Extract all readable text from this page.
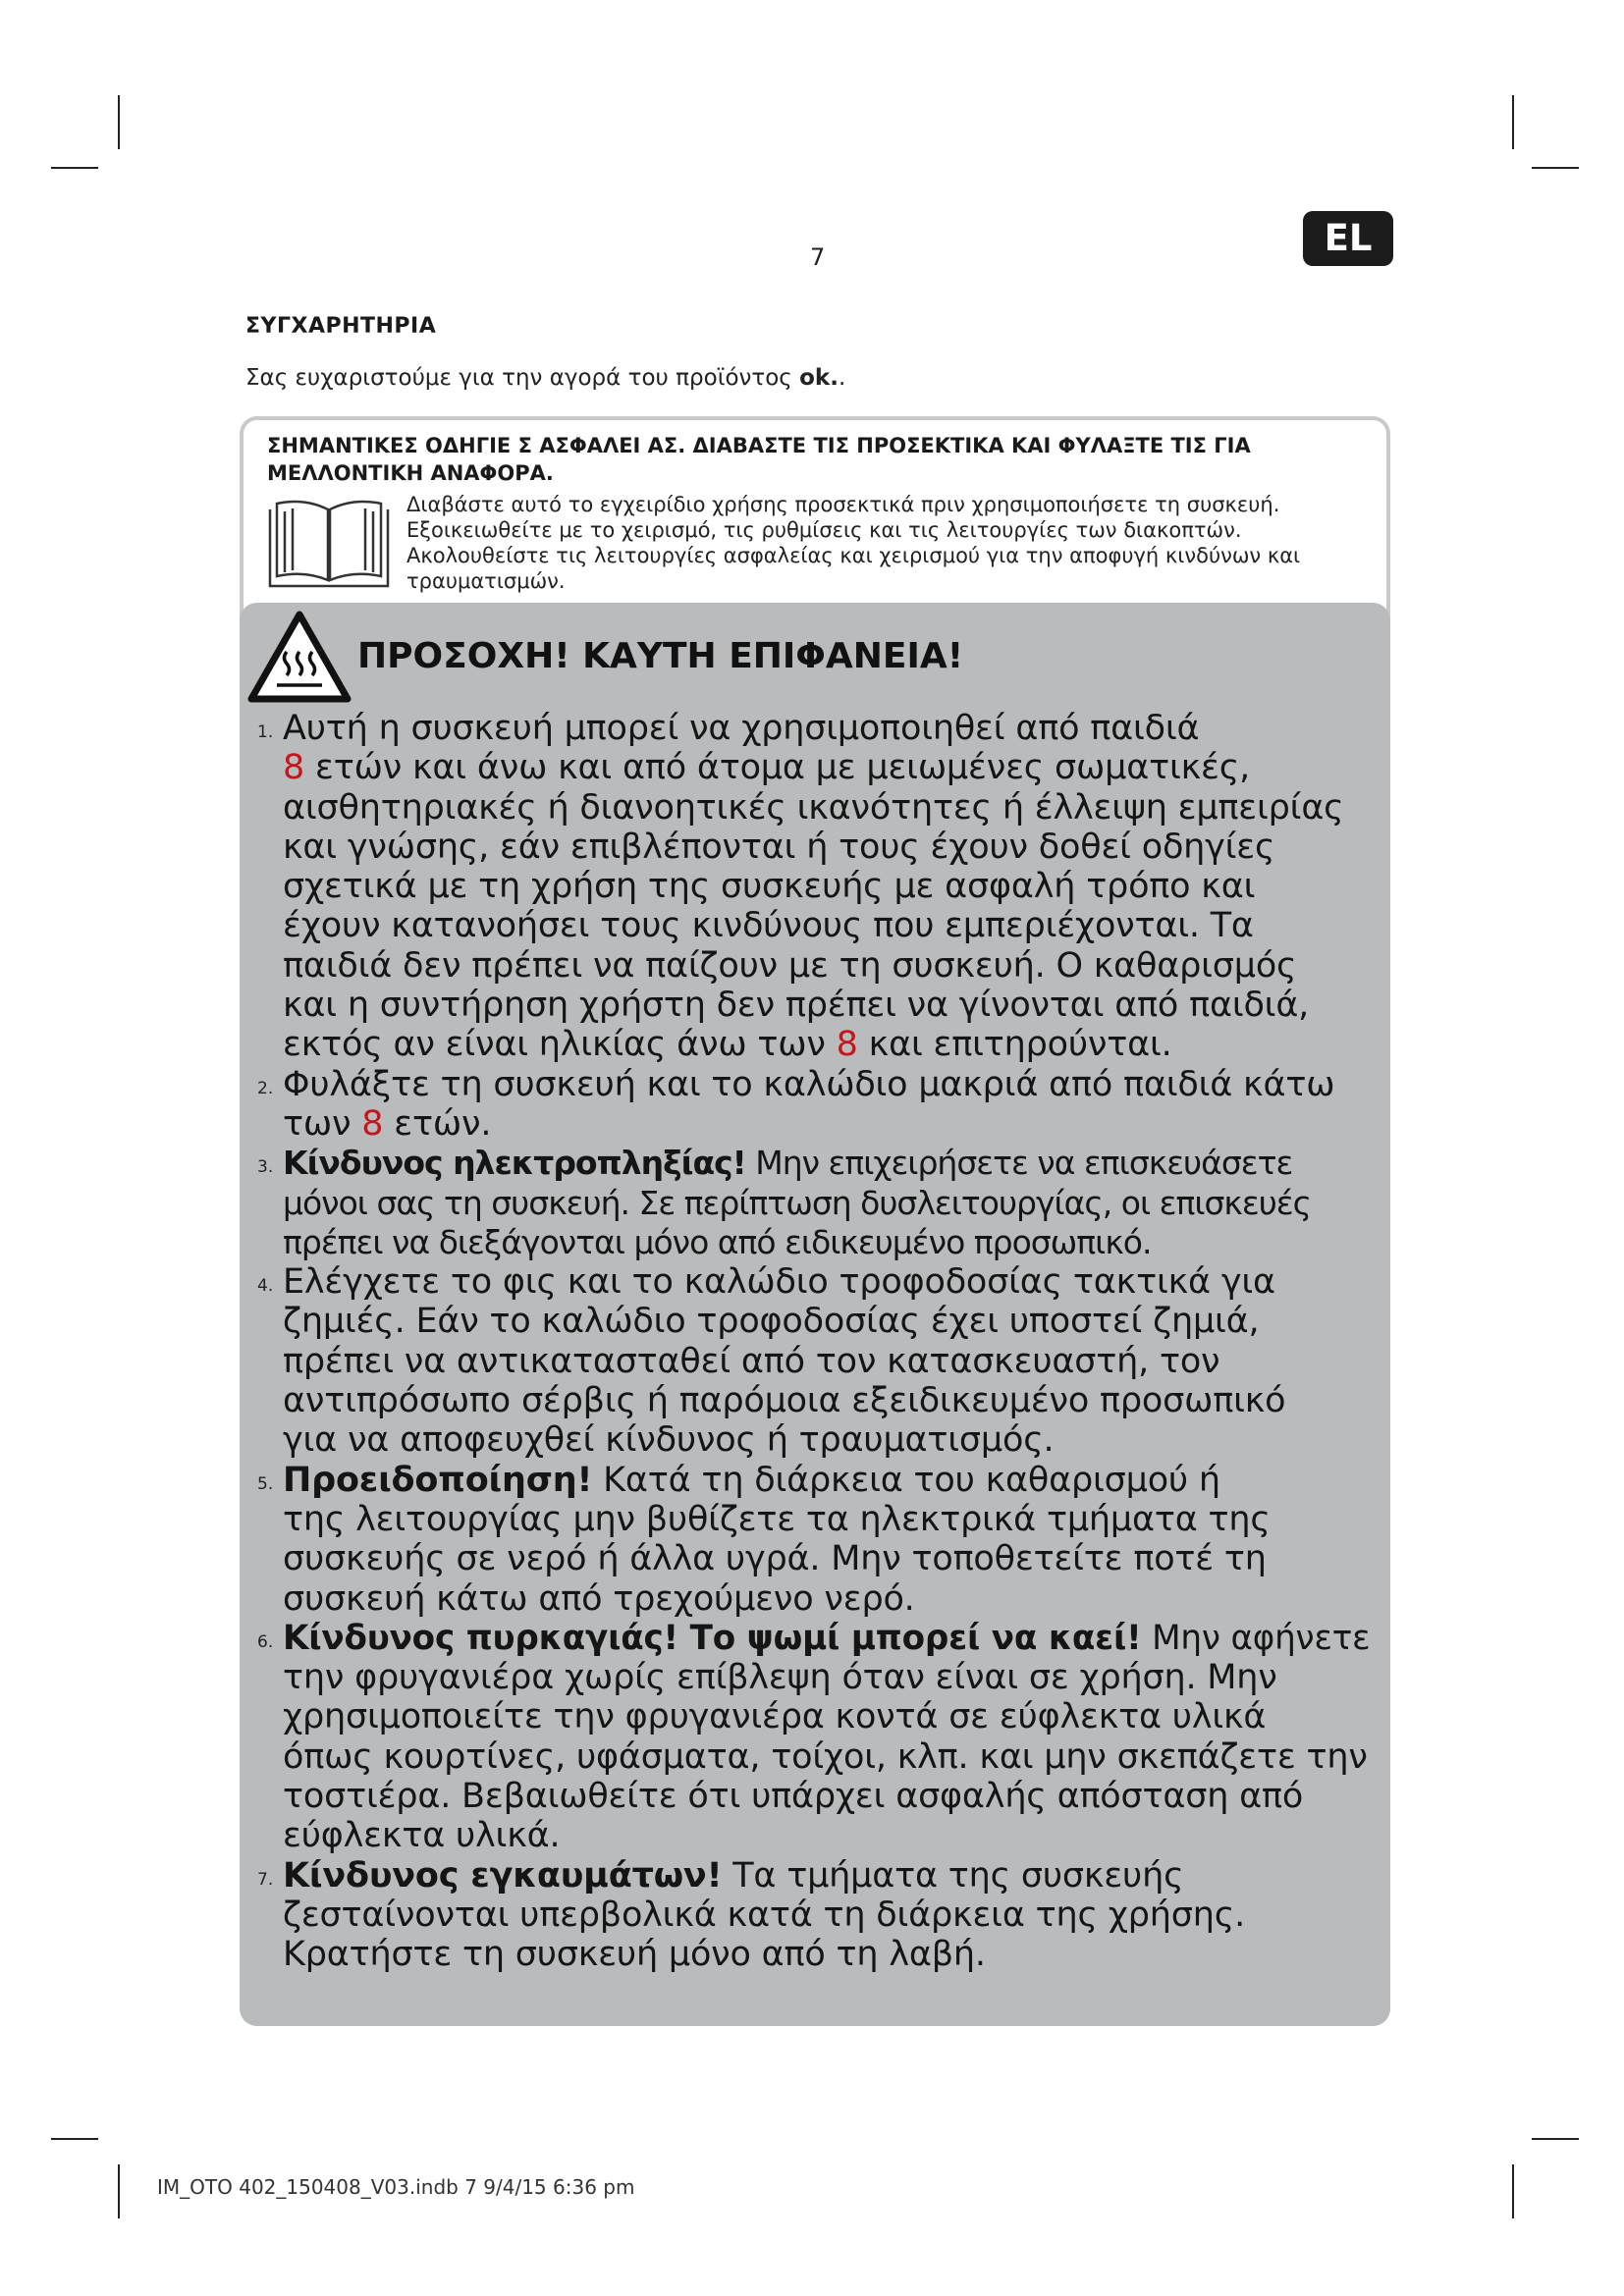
7	EL
ΣΥΓΧΑΡΗΤΗΡΙΑ
Σας ευχαριστούμε για την αγορά του προϊόντος ok..
ΣΗΜΑΝΤΙΚΕΣ ΟΔΗΓΙΕ Σ ΑΣΦΑΛΕΙ ΑΣ. ΔΙΑΒΑΣΤΕ ΤΙΣ ΠΡΟΣΕΚΤΙΚΑ ΚΑΙ ΦΥΛΑΞΤΕ ΤΙΣ ΓΙΑ ΜΕΛΛΟΝΤΙΚΗ ΑΝΑΦΟΡΑ.
Διαβάστε αυτό το εγχειρίδιο χρήσης προσεκτικά πριν χρησιμοποιήσετε τη συσκευή.
Εξοικειωθείτε με το χειρισμό, τις ρυθμίσεις και τις λειτουργίες των διακοπτών.
Ακολουθείστε τις λειτουργίες ασφαλείας και χειρισμού για την αποφυγή κινδύνων και
τραυματισμών.
ΠΡΟΣΟΧΗ! ΚΑΥΤΗ ΕΠΙΦΑΝΕΙΑ!
1. Αυτή η συσκευή μπορεί να χρησιμοποιηθεί από παιδιά
8 ετών και άνω και από άτομα με μειωμένες σωματικές,
αισθητηριακές ή διανοητικές ικανότητες ή έλλειψη εμπειρίας
και γνώσης, εάν επιβλέπονται ή τους έχουν δοθεί οδηγίες
σχετικά με τη χρήση της συσκευής με ασφαλή τρόπο και
έχουν κατανοήσει τους κινδύνους που εμπεριέχονται. Τα
παιδιά δεν πρέπει να παίζουν με τη συσκευή. Ο καθαρισμός
και η συντήρηση χρήστη δεν πρέπει να γίνονται από παιδιά,
εκτός αν είναι ηλικίας άνω των 8 και επιτηρούνται.
2. Φυλάξτε τη συσκευή και το καλώδιο μακριά από παιδιά κάτω
των 8 ετών.
3. Κίνδυνος ηλεκτροπληξίας! Μην επιχειρήσετε να επισκευάσετε
μόνοι σας τη συσκευή. Σε περίπτωση δυσλειτουργίας, οι επισκευές
πρέπει να διεξάγονται μόνο από ειδικευμένο προσωπικό.
4. Ελέγχετε το φις και το καλώδιο τροφοδοσίας τακτικά για
ζημιές. Εάν το καλώδιο τροφοδοσίας έχει υποστεί ζημιά,
πρέπει να αντικατασταθεί από τον κατασκευαστή, τον
αντιπρόσωπο σέρβις ή παρόμοια εξειδικευμένο προσωπικό
για να αποφευχθεί κίνδυνος ή τραυματισμός.
5. Προειδοποίηση! Κατά τη διάρκεια του καθαρισμού ή
της λειτουργίας μην βυθίζετε τα ηλεκτρικά τμήματα της
συσκευής σε νερό ή άλλα υγρά. Μην τοποθετείτε ποτέ τη
συσκευή κάτω από τρεχούμενο νερό.
6. Κίνδυνος πυρκαγιάς! Το ψωμί μπορεί να καεί! Μην αφήνετε
την φρυγανιέρα χωρίς επίβλεψη όταν είναι σε χρήση. Μην
χρησιμοποιείτε την φρυγανιέρα κοντά σε εύφλεκτα υλικά
όπως κουρτίνες, υφάσματα, τοίχοι, κλπ. και μην σκεπάζετε την
τοστιέρα. Βεβαιωθείτε ότι υπάρχει ασφαλής απόσταση από
εύφλεκτα υλικά.
7. Κίνδυνος εγκαυμάτων! Τα τμήματα της συσκευής
ζεσταίνονται υπερβολικά κατά τη διάρκεια της χρήσης.
Κρατήστε τη συσκευή μόνο από τη λαβή.
IM_OTO 402_150408_V03.indb 7 9/4/15 6:36 pm
